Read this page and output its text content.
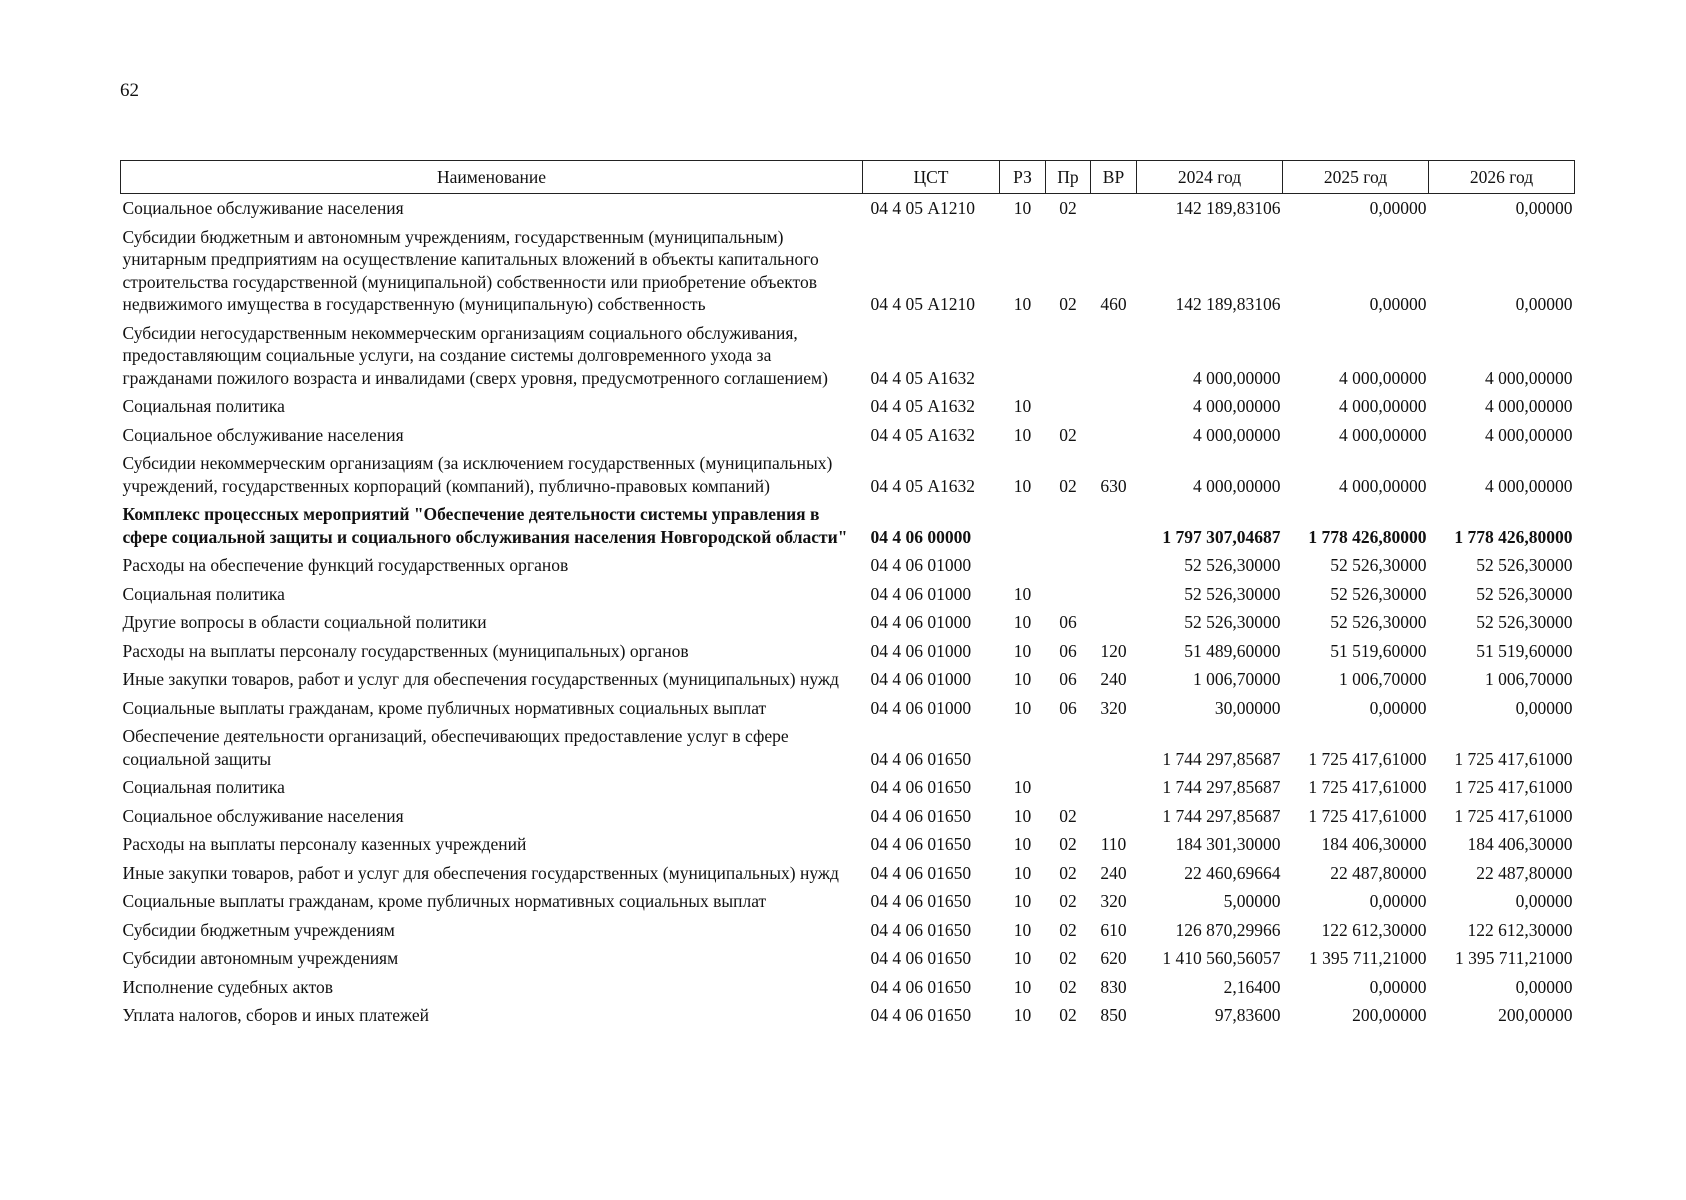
62
Наименование	ЦСТ	РЗ	Пр	ВР	2024 год	2025 год	2026 год
Социальное обслуживание населения	04 4 05 А1210	10	02		142 189,83106	0,00000	0,00000
Субсидии бюджетным и автономным учреждениям, государственным (муниципальным) унитарным предприятиям на осуществление капитальных вложений в объекты капитального строительства государственной (муниципальной) собственности или приобретение объектов недвижимого имущества в государственную (муниципальную) собственность	04 4 05 А1210	10	02	460	142 189,83106	0,00000	0,00000
Субсидии негосударственным некоммерческим организациям социального обслуживания, предоставляющим социальные услуги, на создание системы долговременного ухода за гражданами пожилого возраста и инвалидами (сверх уровня, предусмотренного соглашением)	04 4 05 А1632				4 000,00000	4 000,00000	4 000,00000
Социальная политика	04 4 05 А1632	10			4 000,00000	4 000,00000	4 000,00000
Социальное обслуживание населения	04 4 05 А1632	10	02		4 000,00000	4 000,00000	4 000,00000
Субсидии некоммерческим организациям (за исключением государственных (муниципальных) учреждений, государственных корпораций (компаний), публично-правовых компаний)	04 4 05 А1632	10	02	630	4 000,00000	4 000,00000	4 000,00000
Комплекс процессных мероприятий "Обеспечение деятельности системы управления в сфере социальной защиты и социального обслуживания населения Новгородской области"	04 4 06 00000				1 797 307,04687	1 778 426,80000	1 778 426,80000
Расходы на обеспечение функций государственных органов	04 4 06 01000				52 526,30000	52 526,30000	52 526,30000
Социальная политика	04 4 06 01000	10			52 526,30000	52 526,30000	52 526,30000
Другие вопросы в области социальной политики	04 4 06 01000	10	06		52 526,30000	52 526,30000	52 526,30000
Расходы на выплаты персоналу государственных (муниципальных) органов	04 4 06 01000	10	06	120	51 489,60000	51 519,60000	51 519,60000
Иные закупки товаров, работ и услуг для обеспечения государственных (муниципальных) нужд	04 4 06 01000	10	06	240	1 006,70000	1 006,70000	1 006,70000
Социальные выплаты гражданам, кроме публичных нормативных социальных выплат	04 4 06 01000	10	06	320	30,00000	0,00000	0,00000
Обеспечение деятельности организаций, обеспечивающих предоставление услуг в сфере социальной защиты	04 4 06 01650				1 744 297,85687	1 725 417,61000	1 725 417,61000
Социальная политика	04 4 06 01650	10			1 744 297,85687	1 725 417,61000	1 725 417,61000
Социальное обслуживание населения	04 4 06 01650	10	02		1 744 297,85687	1 725 417,61000	1 725 417,61000
Расходы на выплаты персоналу казенных учреждений	04 4 06 01650	10	02	110	184 301,30000	184 406,30000	184 406,30000
Иные закупки товаров, работ и услуг для обеспечения государственных (муниципальных) нужд	04 4 06 01650	10	02	240	22 460,69664	22 487,80000	22 487,80000
Социальные выплаты гражданам, кроме публичных нормативных социальных выплат	04 4 06 01650	10	02	320	5,00000	0,00000	0,00000
Субсидии бюджетным учреждениям	04 4 06 01650	10	02	610	126 870,29966	122 612,30000	122 612,30000
Субсидии автономным учреждениям	04 4 06 01650	10	02	620	1 410 560,56057	1 395 711,21000	1 395 711,21000
Исполнение судебных актов	04 4 06 01650	10	02	830	2,16400	0,00000	0,00000
Уплата налогов, сборов и иных платежей	04 4 06 01650	10	02	850	97,83600	200,00000	200,00000
